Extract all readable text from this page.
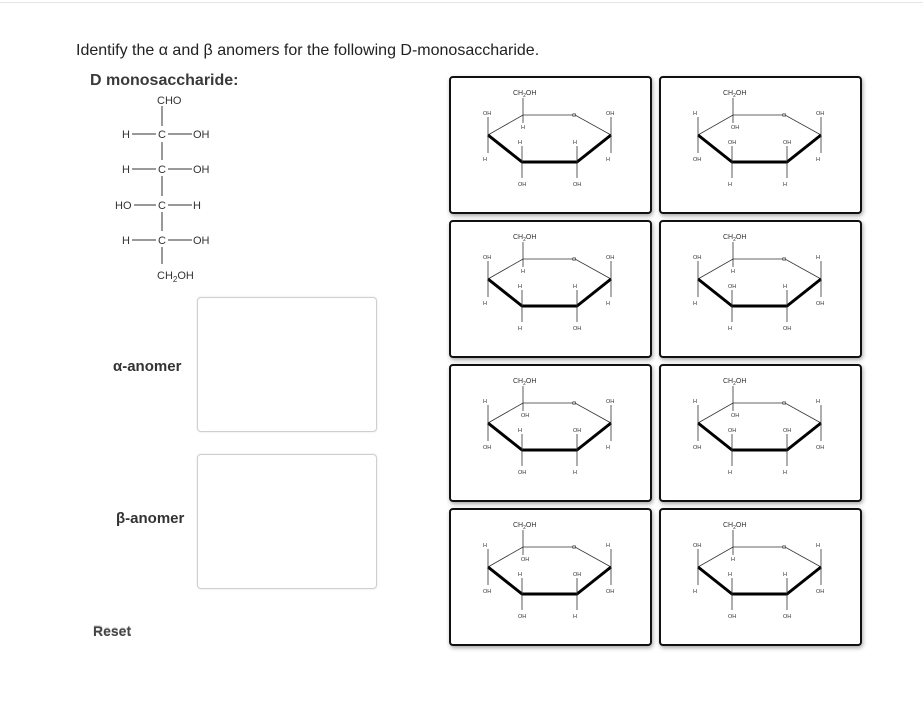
Identify the α and β anomers for the following D-monosaccharide.
D monosaccharide:
CHO
H	C OH
H	C OH
HO C H
H	C OH
$CH_2OH$
α-anomer
β-anomer
Reset
$CH_2OH$
H
O	OH
H
OH
H
H
OH
H
OH
$CH_2OH$
OH
O	OH
H
H
OH
OH
H
OH
H
$CH_2OH$
H
O	OH
H
OH
H
H
OH
H
H
$CH_2OH$
H
O	H
OH
OH
H
H
OH
OH
H
$CH_2OH$
OH
O	OH
H
H
OH
OH
H
H
OH
$CH_2OH$
OH
O	H
OH
H
OH
OH
H
OH
H
$CH_2OH$
OH
O	H
OH
H
OH
OH
H
H
OH
$CH_2OH$
H
O	H
OH
OH
H
H
OH
H
OH
